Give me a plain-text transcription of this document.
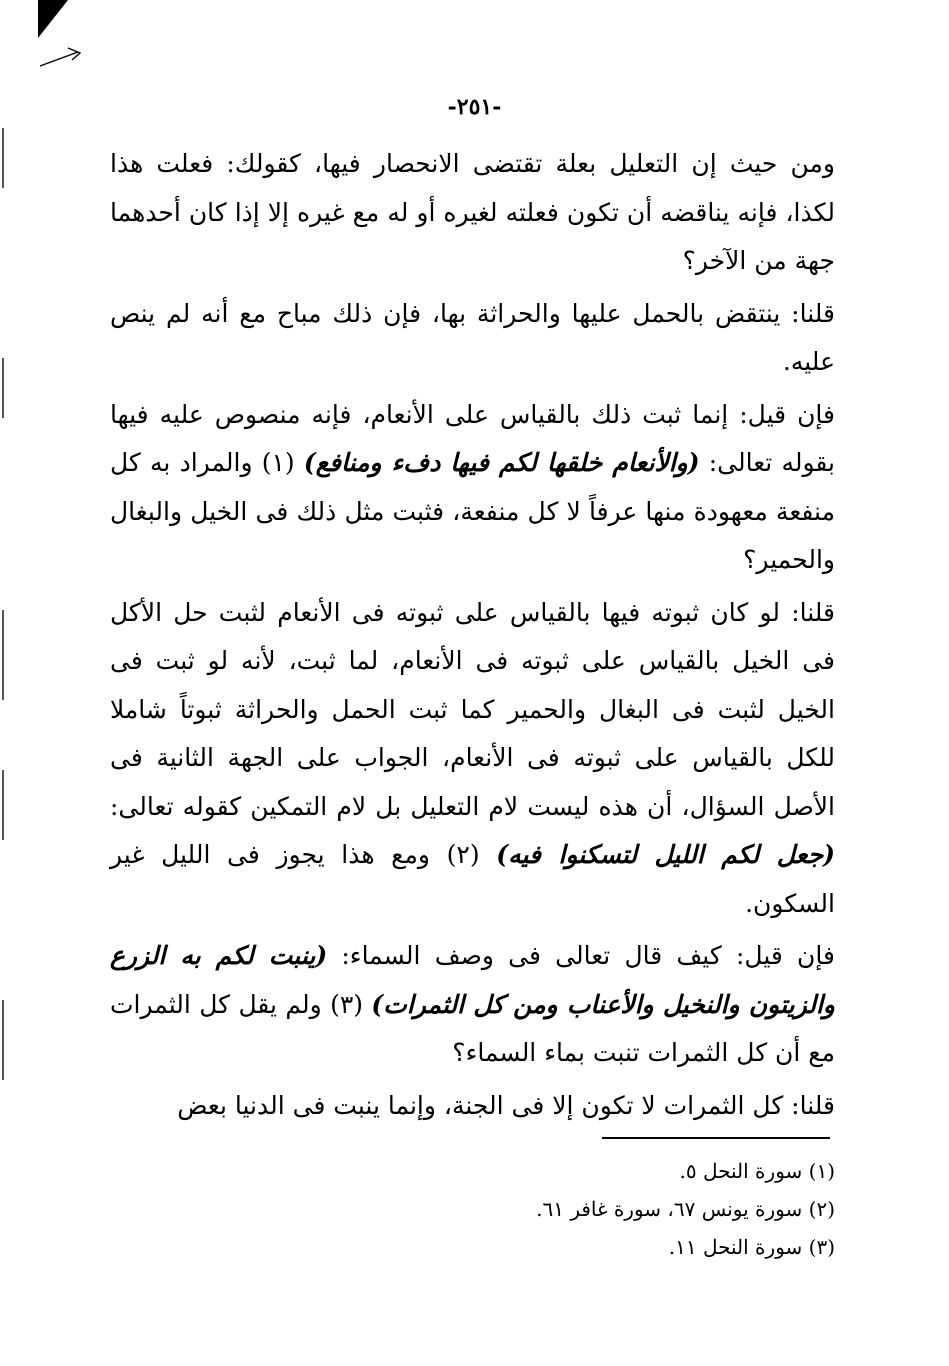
-٢٥١-

ومن حيث إن التعليل بعلة تقتضى الانحصار فيها، كقولك: فعلت هذا لكذا، فإنه يناقضه أن تكون فعلته لغيره أو له مع غيره إلا إذا كان أحدهما جهة من الآخر؟

قلنا: ينتقض بالحمل عليها والحراثة بها، فإن ذلك مباح مع أنه لم ينص عليه.

فإن قيل: إنما ثبت ذلك بالقياس على الأنعام، فإنه منصوص عليه فيها بقوله تعالى: (والأنعام خلقها لكم فيها دفء ومنافع) (١) والمراد به كل منفعة معهودة منها عرفاً لا كل منفعة، فثبت مثل ذلك فى الخيل والبغال والحمير؟

قلنا: لو كان ثبوته فيها بالقياس على ثبوته فى الأنعام لثبت حل الأكل فى الخيل بالقياس على ثبوته فى الأنعام، لما ثبت، لأنه لو ثبت فى الخيل لثبت فى البغال والحمير كما ثبت الحمل والحراثة ثبوتاً شاملا للكل بالقياس على ثبوته فى الأنعام، الجواب على الجهة الثانية فى الأصل السؤال، أن هذه ليست لام التعليل بل لام التمكين كقوله تعالى: (جعل لكم الليل لتسكنوا فيه) (٢) ومع هذا يجوز فى الليل غير السكون.

فإن قيل: كيف قال تعالى فى وصف السماء: (ينبت لكم به الزرع والزيتون والنخيل والأعناب ومن كل الثمرات) (٣) ولم يقل كل الثمرات مع أن كل الثمرات تنبت بماء السماء؟

قلنا: كل الثمرات لا تكون إلا فى الجنة، وإنما ينبت فى الدنيا بعض

(١) سورة النحل ٥.

(٢) سورة يونس ٦٧، سورة غافر ٦١.

(٣) سورة النحل ١١.
